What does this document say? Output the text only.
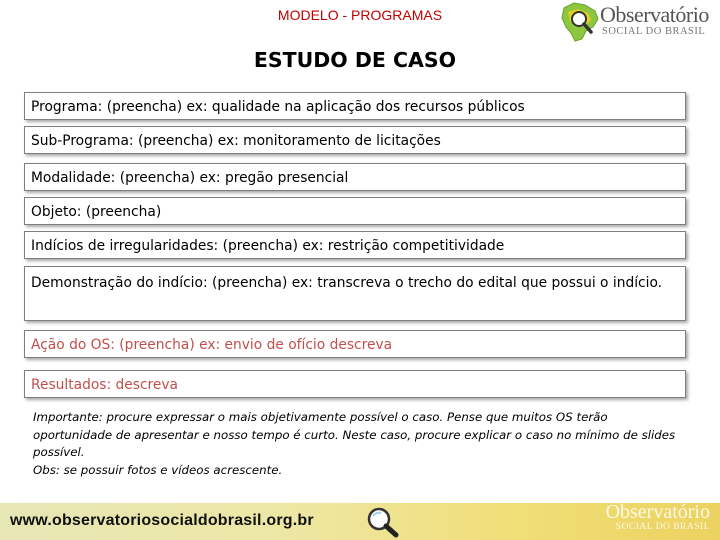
MODELO - PROGRAMAS	Observatório
SOCIAL DO BRASIL
ESTUDO DE CASO
Programa: (preencha) ex: qualidade na aplicação dos recursos públicos
Sub-Programa: (preencha) ex: monitoramento de licitações
Modalidade: (preencha) ex: pregão presencial
Objeto: (preencha)
Indícios de irregularidades: (preencha) ex: restrição competitividade
Demonstração do indício: (preencha) ex: transcreva o trecho do edital que possui o indício.
Ação do OS: (preencha) ex: envio de ofício descreva
Resultados: descreva
Importante: procure expressar o mais objetivamente possível o caso. Pense que muitos OS terão oportunidade de apresentar e nosso tempo é curto. Neste caso, procure explicar o caso no mínimo de slides possível.
Obs: se possuir fotos e vídeos acrescente.
www.observatoriosocialdobrasil.org.br	Observatório
SOCIAL DO BRASIL
